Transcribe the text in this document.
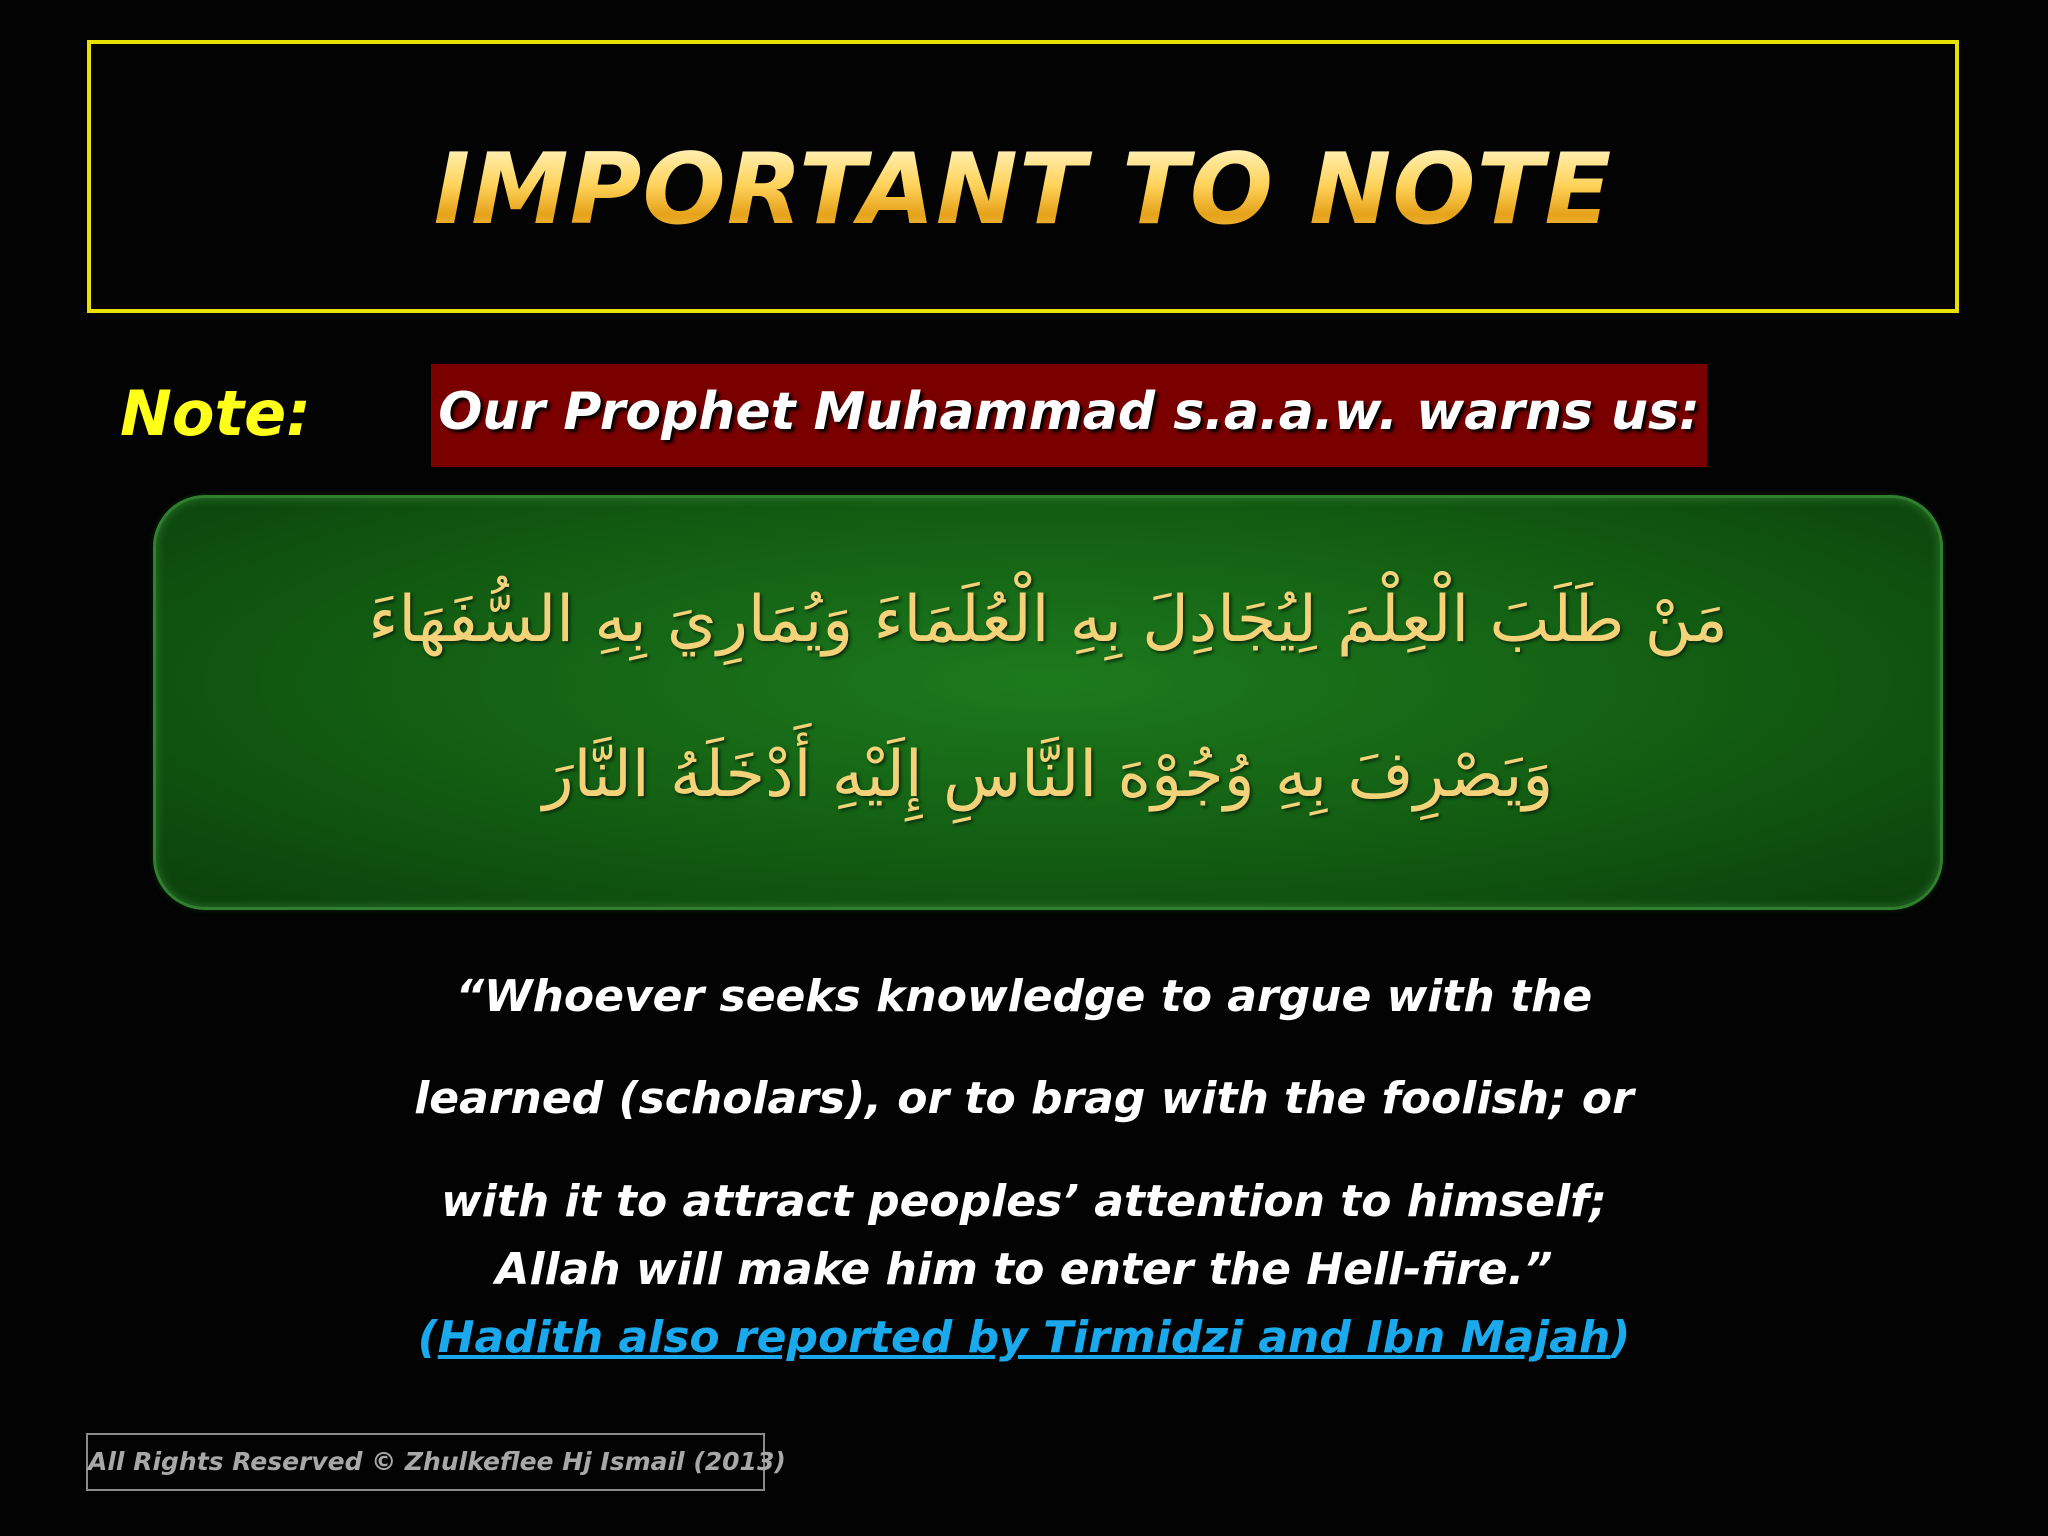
IMPORTANT TO NOTE
Note: Our Prophet Muhammad s.a.a.w. warns us:
مَنْ طَلَبَ الْعِلْمَ لِيُجَادِلَ بِهِ الْعُلَمَاءَ وَيُمَارِيَ بِهِ السُّفَهَاءَ
وَيَصْرِفَ بِهِ وُجُوْهَ النَّاسِ إِلَيْهِ أَدْخَلَهُ النَّارَ
“Whoever seeks knowledge to argue with the
learned (scholars), or to brag with the foolish; or
with it to attract peoples’ attention to himself;
Allah will make him to enter the Hell-fire.”
(Hadith also reported by Tirmidzi and Ibn Majah)
All Rights Reserved © Zhulkeflee Hj Ismail (2013)
